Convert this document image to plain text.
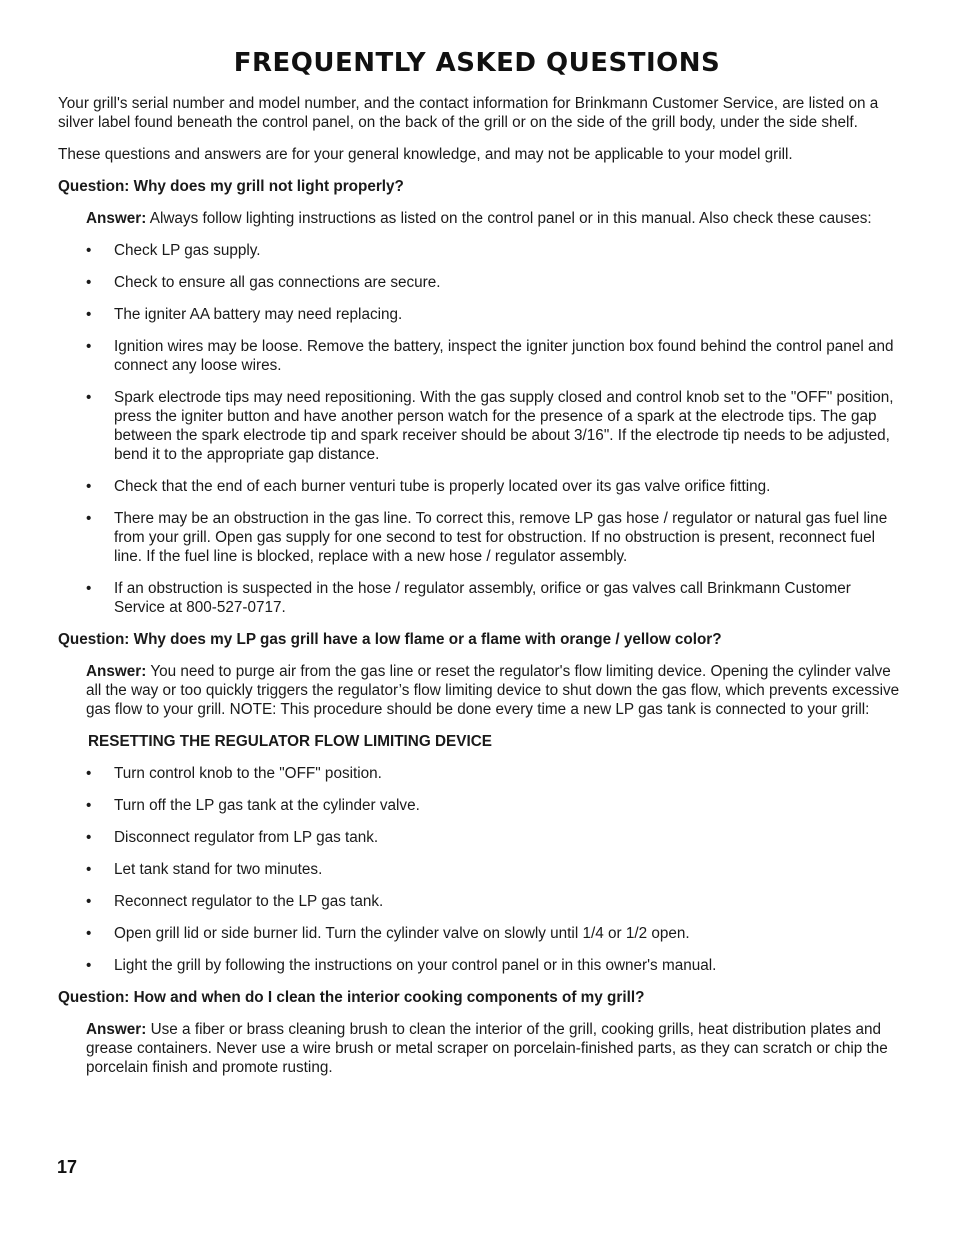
FREQUENTLY ASKED QUESTIONS

Your grill's serial number and model number, and the contact information for Brinkmann Customer Service, are listed on a silver label found beneath the control panel, on the back of the grill or on the side of the grill body, under the side shelf.

These questions and answers are for your general knowledge, and may not be applicable to your model grill.

Question: Why does my grill not light properly?

Answer: Always follow lighting instructions as listed on the control panel or in this manual. Also check these causes:

• Check LP gas supply.
• Check to ensure all gas connections are secure.
• The igniter AA battery may need replacing.
• Ignition wires may be loose. Remove the battery, inspect the igniter junction box found behind the control panel and connect any loose wires.
• Spark electrode tips may need repositioning. With the gas supply closed and control knob set to the "OFF" position, press the igniter button and have another person watch for the presence of a spark at the electrode tips. The gap between the spark electrode tip and spark receiver should be about 3/16". If the electrode tip needs to be adjusted, bend it to the appropriate gap distance.
• Check that the end of each burner venturi tube is properly located over its gas valve orifice fitting.
• There may be an obstruction in the gas line. To correct this, remove LP gas hose / regulator or natural gas fuel line from your grill. Open gas supply for one second to test for obstruction. If no obstruction is present, reconnect fuel line. If the fuel line is blocked, replace with a new hose / regulator assembly.
• If an obstruction is suspected in the hose / regulator assembly, orifice or gas valves call Brinkmann Customer Service at 800-527-0717.

Question: Why does my LP gas grill have a low flame or a flame with orange / yellow color?

Answer: You need to purge air from the gas line or reset the regulator's flow limiting device. Opening the cylinder valve all the way or too quickly triggers the regulator’s flow limiting device to shut down the gas flow, which prevents excessive gas flow to your grill. NOTE: This procedure should be done every time a new LP gas tank is connected to your grill:

RESETTING THE REGULATOR FLOW LIMITING DEVICE

• Turn control knob to the "OFF" position.
• Turn off the LP gas tank at the cylinder valve.
• Disconnect regulator from LP gas tank.
• Let tank stand for two minutes.
• Reconnect regulator to the LP gas tank.
• Open grill lid or side burner lid. Turn the cylinder valve on slowly until 1/4 or 1/2 open.
• Light the grill by following the instructions on your control panel or in this owner's manual.

Question: How and when do I clean the interior cooking components of my grill?

Answer: Use a fiber or brass cleaning brush to clean the interior of the grill, cooking grills, heat distribution plates and grease containers. Never use a wire brush or metal scraper on porcelain-finished parts, as they can scratch or chip the porcelain finish and promote rusting.

17
